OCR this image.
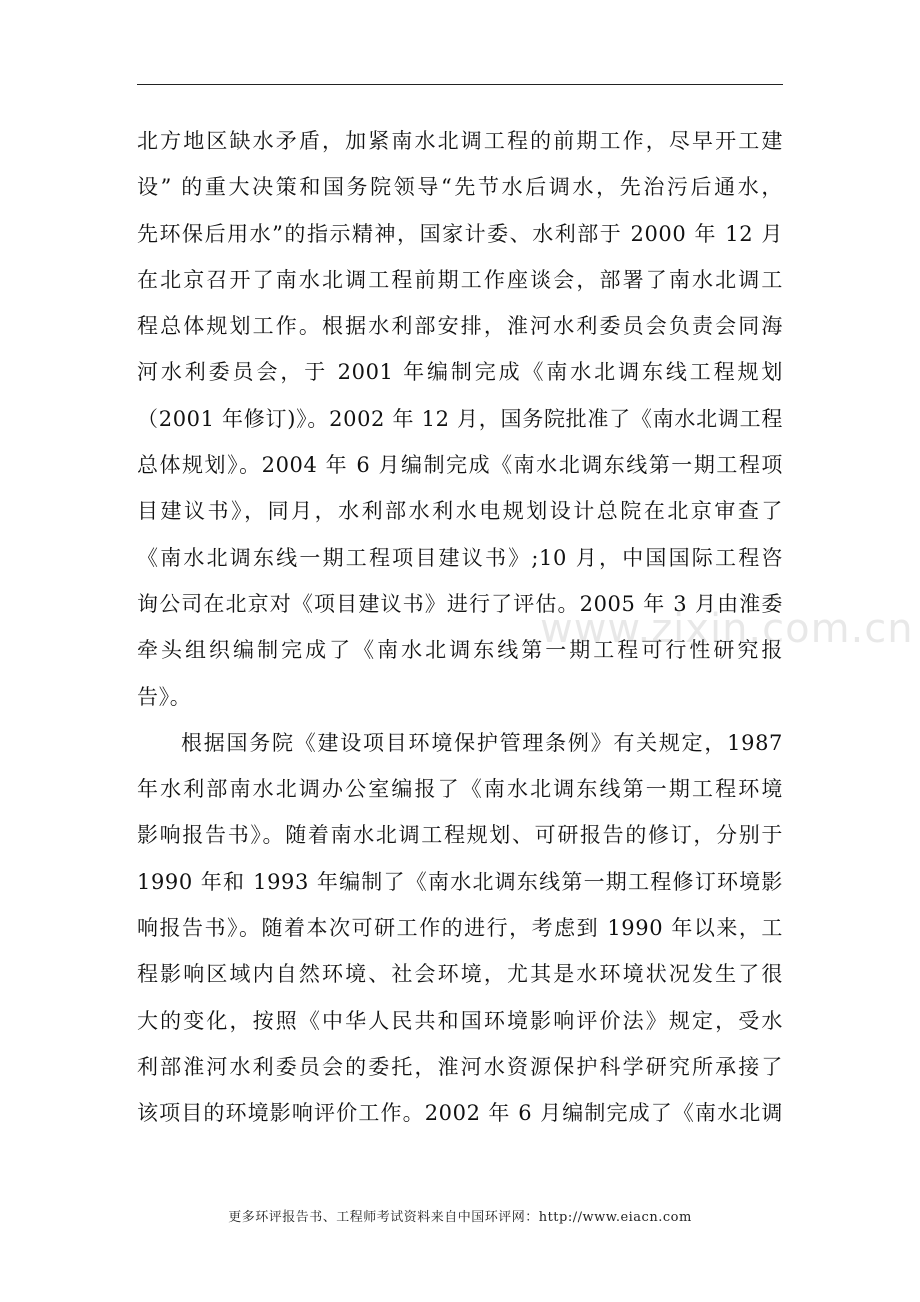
北方地区缺水矛盾，加紧南水北调工程的前期工作，尽早开工建
设” 的重大决策和国务院领导“先节水后调水，先治污后通水，
先环保后用水”的指示精神，国家计委、水利部于 2000 年 12 月
在北京召开了南水北调工程前期工作座谈会，部署了南水北调工
程总体规划工作。根据水利部安排，淮河水利委员会负责会同海
河水利委员会，于 2001 年编制完成《南水北调东线工程规划
（2001 年修订)》。2002 年 12 月，国务院批准了《南水北调工程
总体规划》。2004 年 6 月编制完成《南水北调东线第一期工程项
目建议书》，同月，水利部水利水电规划设计总院在北京审查了
《南水北调东线一期工程项目建议书》;10 月，中国国际工程咨
询公司在北京对《项目建议书》进行了评估。2005 年 3 月由淮委
牵头组织编制完成了《南水北调东线第一期工程可行性研究报
告》。
根据国务院《建设项目环境保护管理条例》有关规定，1987
年水利部南水北调办公室编报了《南水北调东线第一期工程环境
影响报告书》。随着南水北调工程规划、可研报告的修订，分别于
1990 年和 1993 年编制了《南水北调东线第一期工程修订环境影
响报告书》。随着本次可研工作的进行，考虑到 1990 年以来，工
程影响区域内自然环境、社会环境，尤其是水环境状况发生了很
大的变化，按照《中华人民共和国环境影响评价法》规定，受水
利部淮河水利委员会的委托，淮河水资源保护科学研究所承接了
该项目的环境影响评价工作。2002 年 6 月编制完成了《南水北调
www.zixin.com.cn
更多环评报告书、工程师考试资料来自中国环评网：http://www.eiacn.com
